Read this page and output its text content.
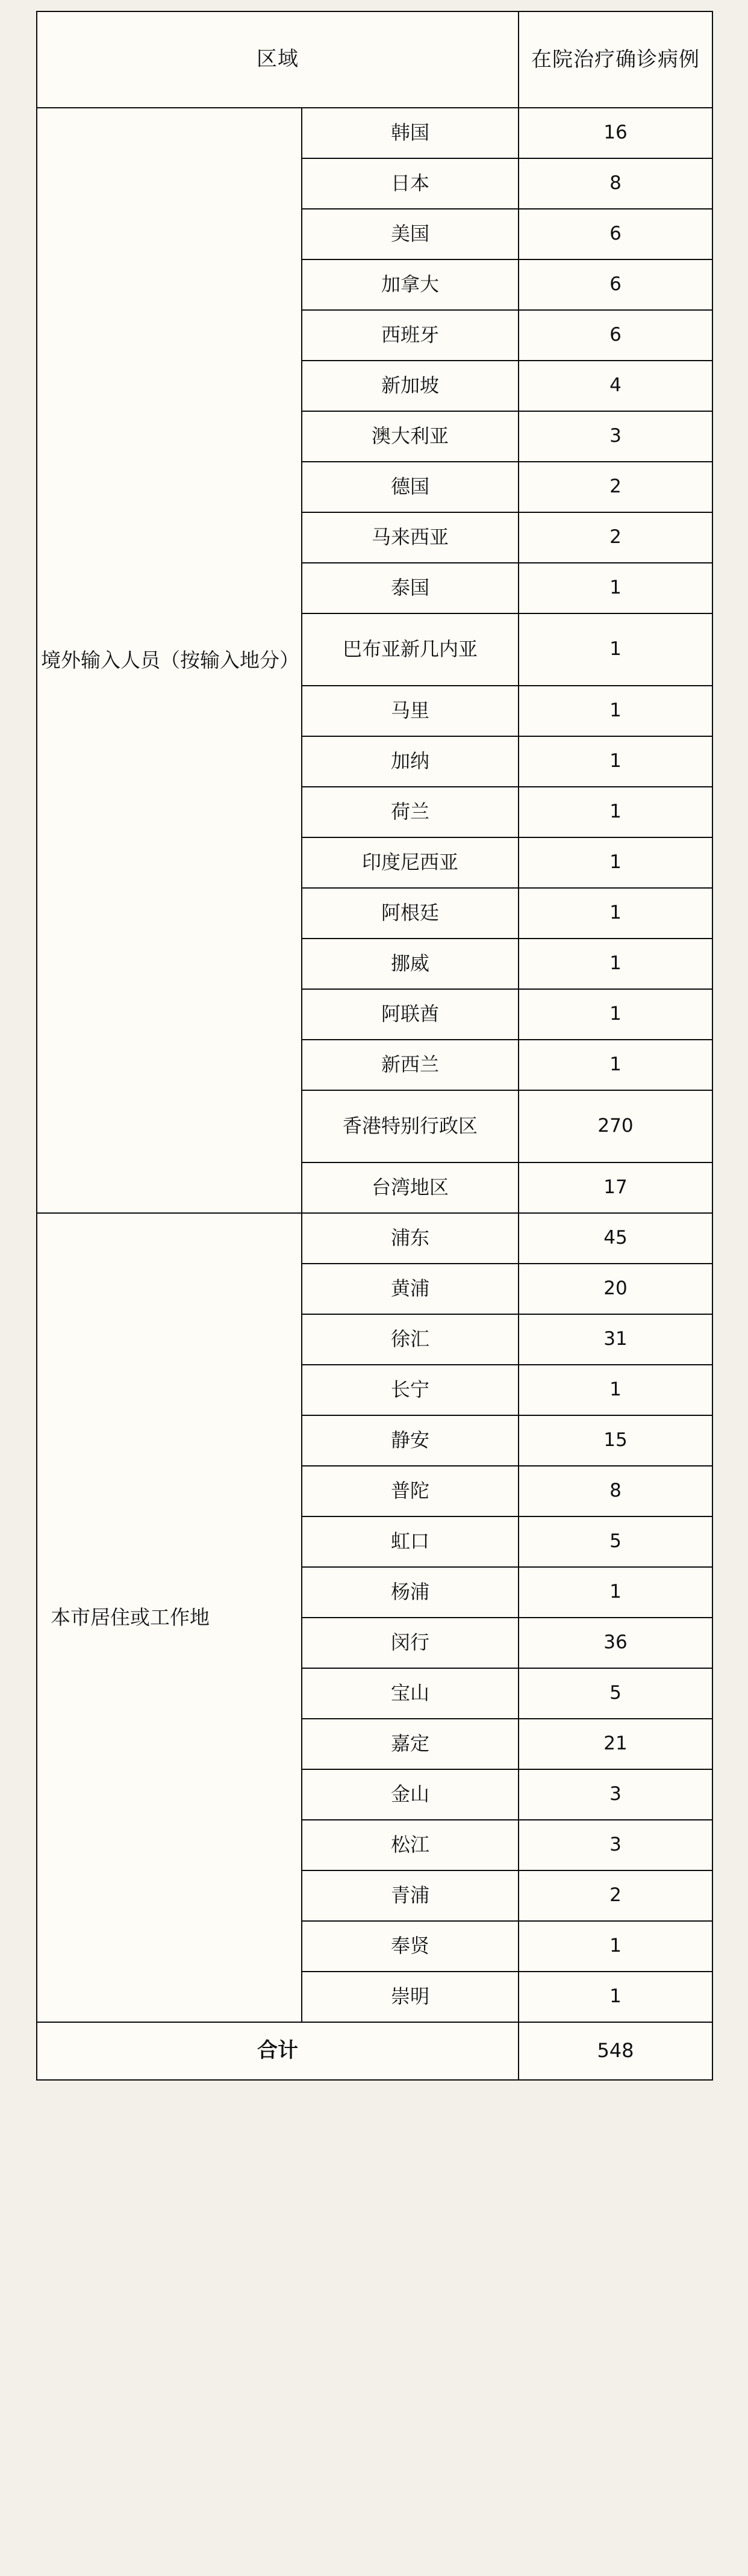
区域		在院治疗确诊病例
境外输入人员（按输入地分）	韩国	16
	日本	8
	美国	6
	加拿大	6
	西班牙	6
	新加坡	4
	澳大利亚	3
	德国	2
	马来西亚	2
	泰国	1
	巴布亚新几内亚	1
	马里	1
	加纳	1
	荷兰	1
	印度尼西亚	1
	阿根廷	1
	挪威	1
	阿联酋	1
	新西兰	1
	香港特别行政区	270
	台湾地区	17
本市居住或工作地	浦东	45
	黄浦	20
	徐汇	31
	长宁	1
	静安	15
	普陀	8
	虹口	5
	杨浦	1
	闵行	36
	宝山	5
	嘉定	21
	金山	3
	松江	3
	青浦	2
	奉贤	1
	崇明	1
合计		548
